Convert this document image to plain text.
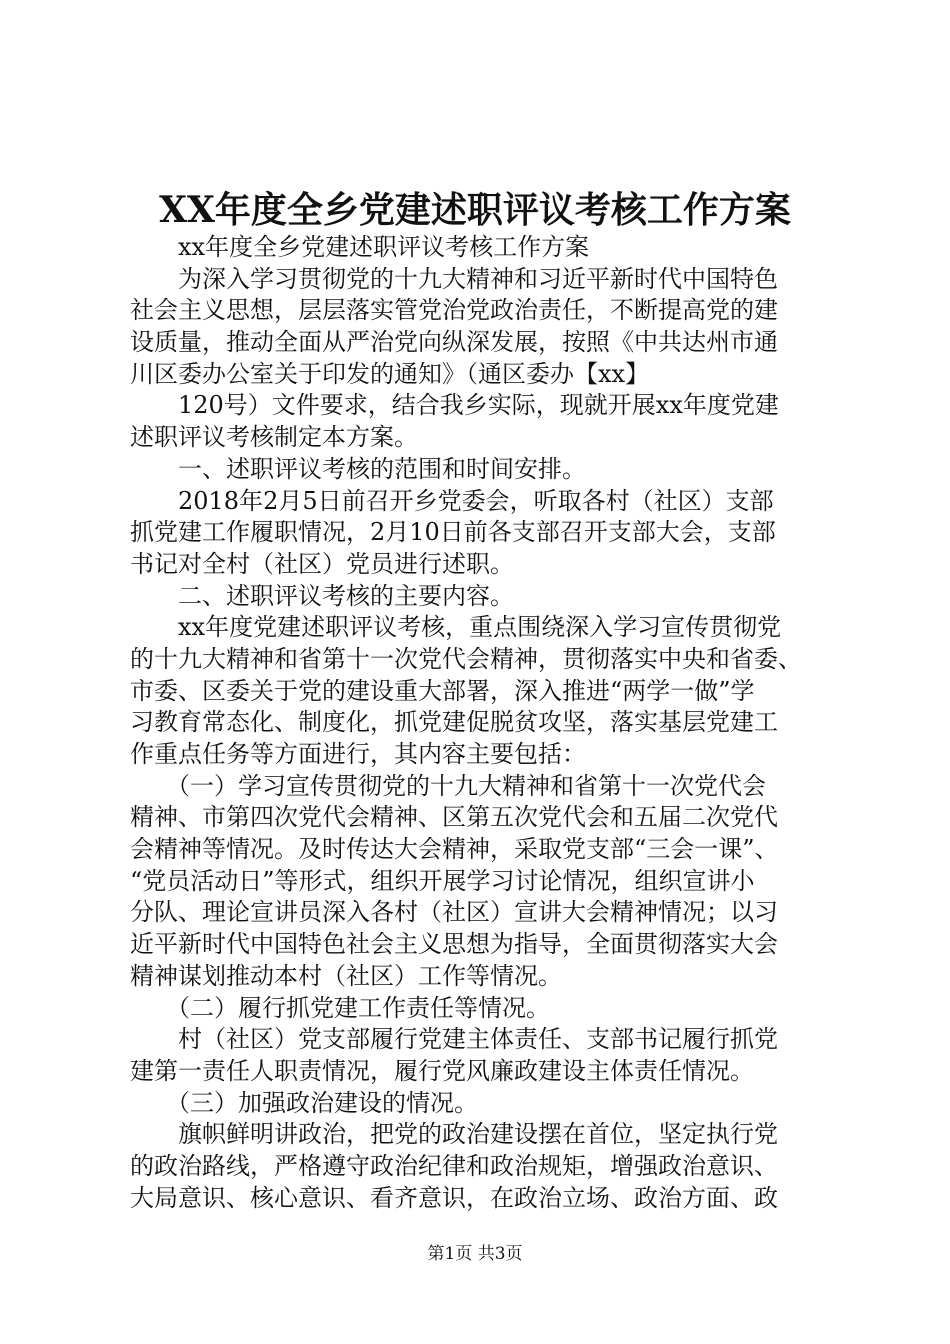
XX年度全乡党建述职评议考核工作方案
　　xx年度全乡党建述职评议考核工作方案
　　为深入学习贯彻党的十九大精神和习近平新时代中国特色
社会主义思想，层层落实管党治党政治责任，不断提高党的建
设质量，推动全面从严治党向纵深发展，按照《中共达州市通
川区委办公室关于印发的通知》（通区委办【xx】
　　120号）文件要求，结合我乡实际，现就开展xx年度党建
述职评议考核制定本方案。
　　一、述职评议考核的范围和时间安排。
　　2018年2月5日前召开乡党委会，听取各村（社区）支部
抓党建工作履职情况，2月10日前各支部召开支部大会，支部
书记对全村（社区）党员进行述职。
　　二、述职评议考核的主要内容。
　　xx年度党建述职评议考核，重点围绕深入学习宣传贯彻党
的十九大精神和省第十一次党代会精神，贯彻落实中央和省委、
市委、区委关于党的建设重大部署，深入推进“两学一做”学
习教育常态化、制度化，抓党建促脱贫攻坚，落实基层党建工
作重点任务等方面进行，其内容主要包括：
　　（一）学习宣传贯彻党的十九大精神和省第十一次党代会
精神、市第四次党代会精神、区第五次党代会和五届二次党代
会精神等情况。及时传达大会精神，采取党支部“三会一课”、
“党员活动日”等形式，组织开展学习讨论情况，组织宣讲小
分队、理论宣讲员深入各村（社区）宣讲大会精神情况；以习
近平新时代中国特色社会主义思想为指导，全面贯彻落实大会
精神谋划推动本村（社区）工作等情况。
　　（二）履行抓党建工作责任等情况。
　　村（社区）党支部履行党建主体责任、支部书记履行抓党
建第一责任人职责情况，履行党风廉政建设主体责任情况。
　　（三）加强政治建设的情况。
　　旗帜鲜明讲政治，把党的政治建设摆在首位，坚定执行党
的政治路线，严格遵守政治纪律和政治规矩，增强政治意识、
大局意识、核心意识、看齐意识，在政治立场、政治方面、政
第1页 共3页
